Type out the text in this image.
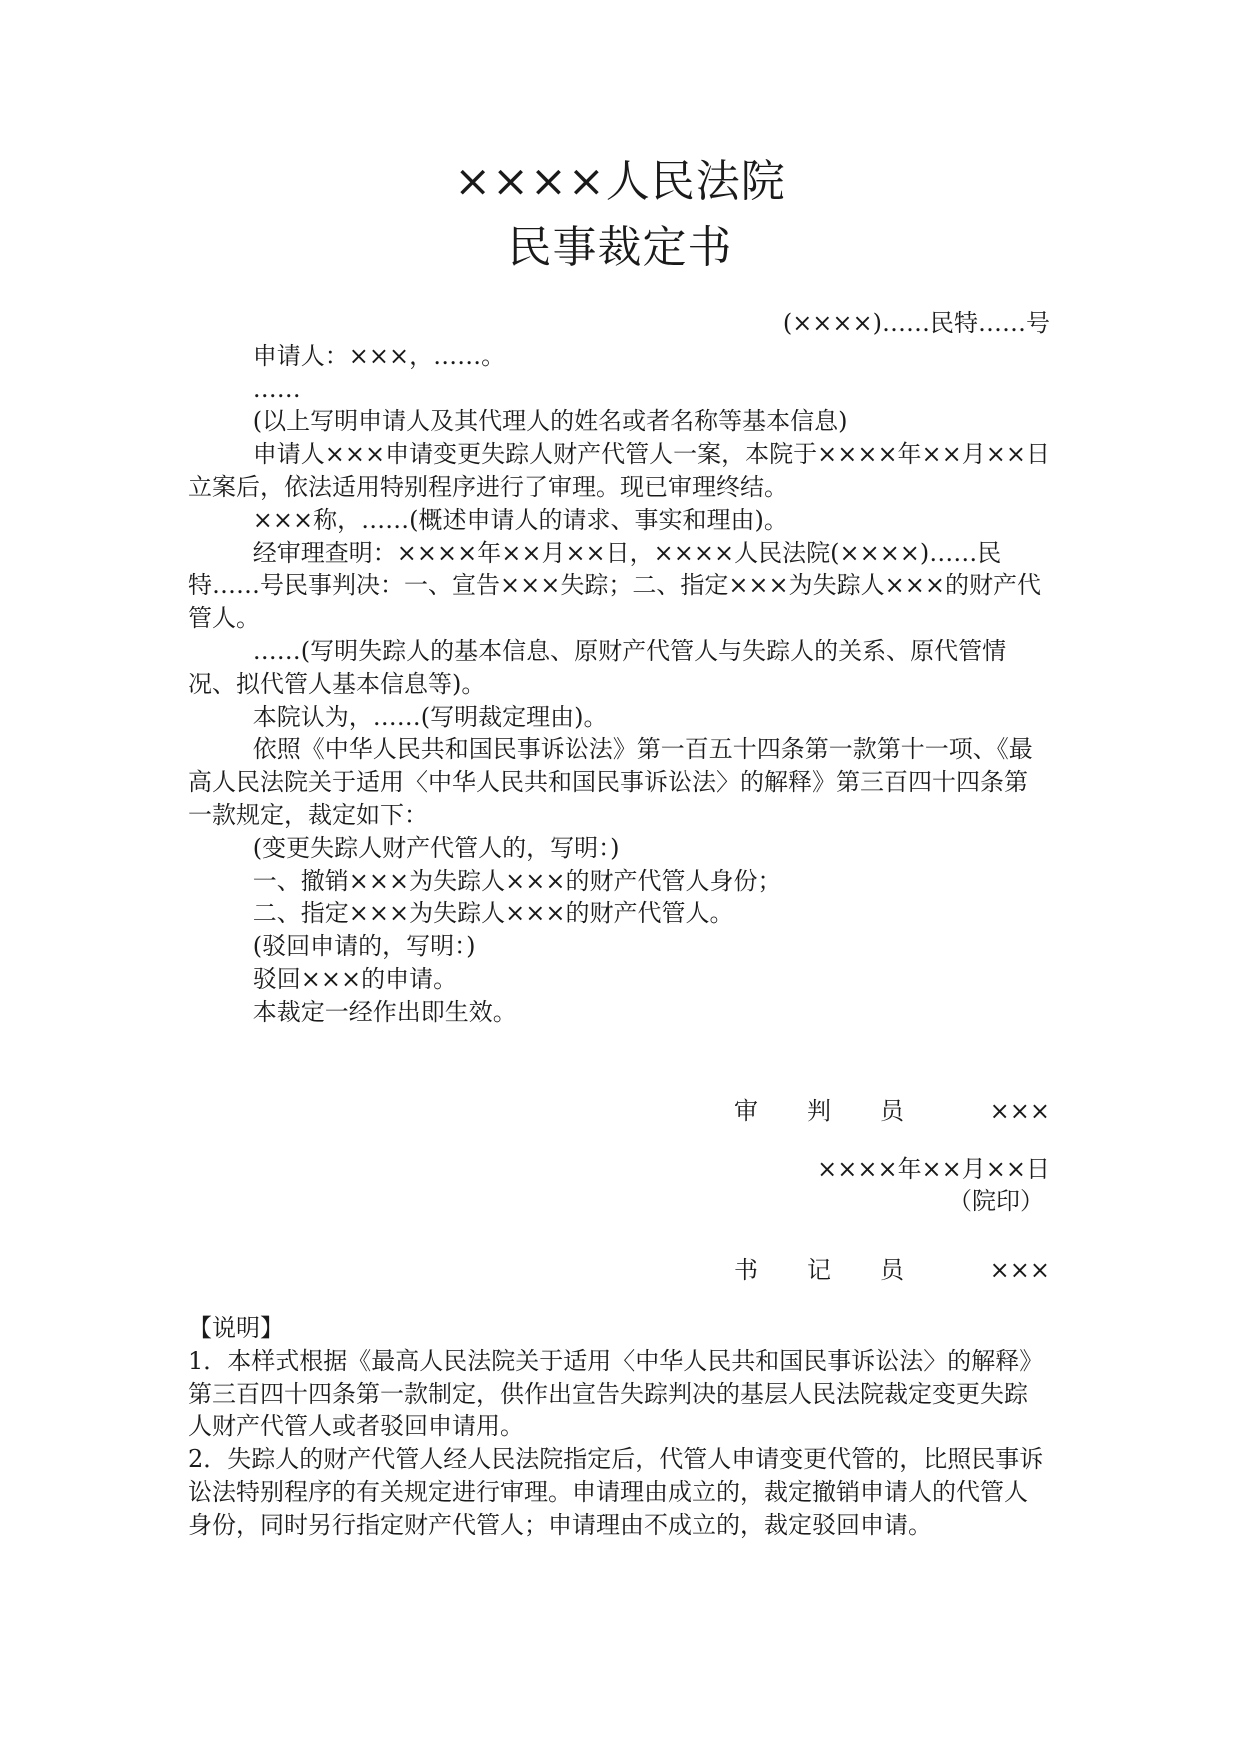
××××人民法院
民事裁定书

(××××)……民特……号

申请人：×××，……。

……

(以上写明申请人及其代理人的姓名或者名称等基本信息)

申请人×××申请变更失踪人财产代管人一案，本院于××××年××月××日立案后，依法适用特别程序进行了审理。现已审理终结。

×××称，……(概述申请人的请求、事实和理由)。

经审理查明：××××年××月××日，××××人民法院(××××)……民特……号民事判决：一、宣告×××失踪；二、指定×××为失踪人×××的财产代管人。

……(写明失踪人的基本信息、原财产代管人与失踪人的关系、原代管情况、拟代管人基本信息等)。

本院认为，……(写明裁定理由)。

依照《中华人民共和国民事诉讼法》第一百五十四条第一款第十一项、《最高人民法院关于适用〈中华人民共和国民事诉讼法〉的解释》第三百四十四条第一款规定，裁定如下：

(变更失踪人财产代管人的，写明：)

一、撤销×××为失踪人×××的财产代管人身份；

二、指定×××为失踪人×××的财产代管人。

(驳回申请的，写明：)

驳回×××的申请。

本裁定一经作出即生效。

审 判 员	×××
××××年××月××日
（院印）
书 记 员	×××

【说明】

1．本样式根据《最高人民法院关于适用〈中华人民共和国民事诉讼法〉的解释》第三百四十四条第一款制定，供作出宣告失踪判决的基层人民法院裁定变更失踪人财产代管人或者驳回申请用。

2．失踪人的财产代管人经人民法院指定后，代管人申请变更代管的，比照民事诉讼法特别程序的有关规定进行审理。申请理由成立的，裁定撤销申请人的代管人身份，同时另行指定财产代管人；申请理由不成立的，裁定驳回申请。
